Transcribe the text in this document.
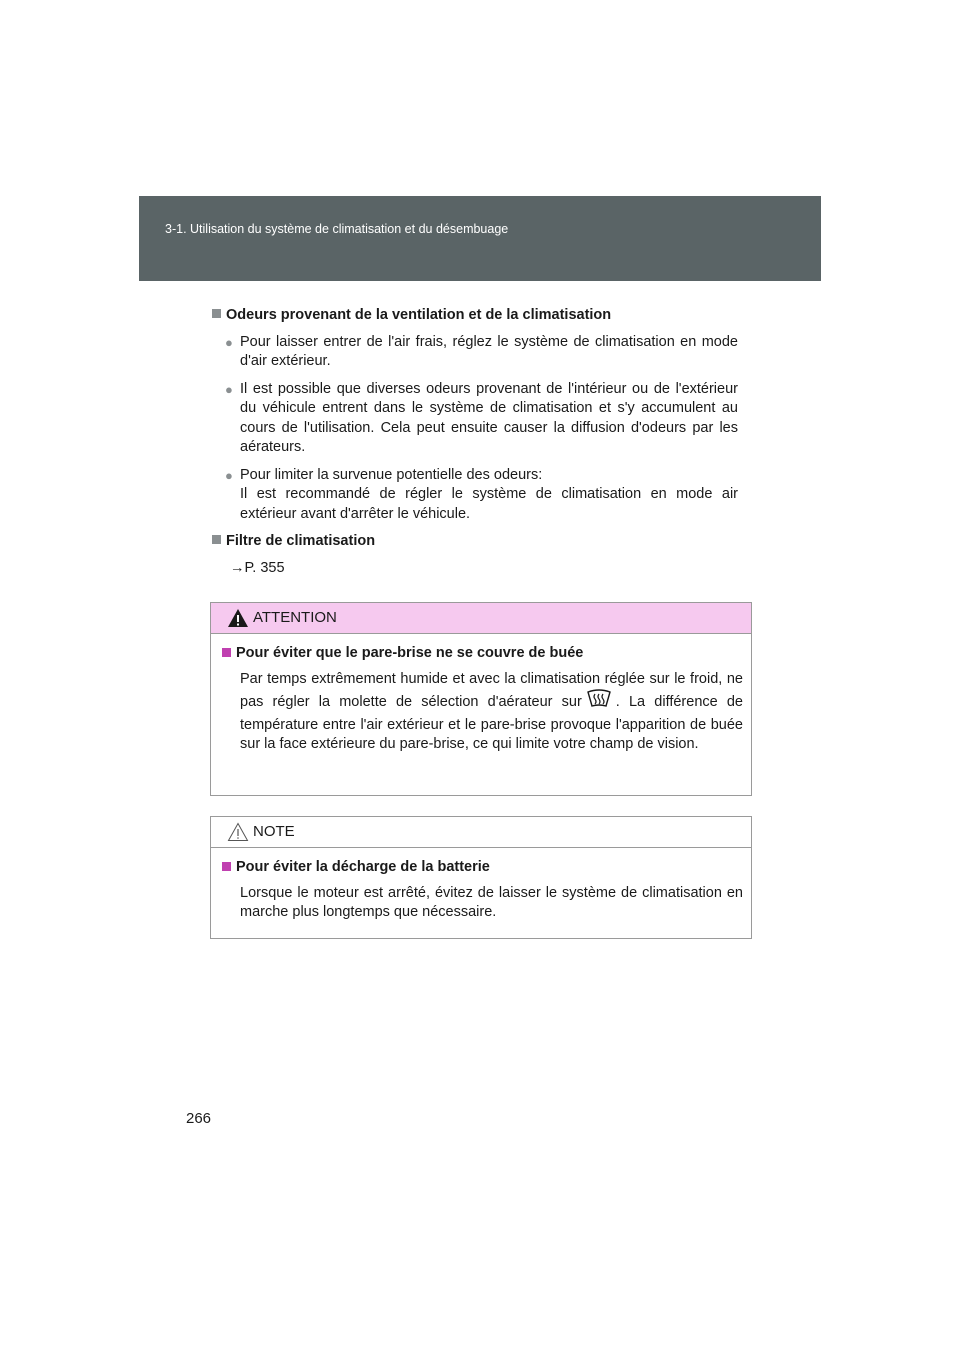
3-1. Utilisation du système de climatisation et du désembuage
Odeurs provenant de la ventilation et de la climatisation
● Pour laisser entrer de l'air frais, réglez le système de climatisation en mode d'air extérieur.

● Il est possible que diverses odeurs provenant de l'intérieur ou de l'extérieur du véhicule entrent dans le système de climatisation et s'y accumulent au cours de l'utilisation. Cela peut ensuite causer la diffusion d'odeurs par les aérateurs.

● Pour limiter la survenue potentielle des odeurs:

Il est recommandé de régler le système de climatisation en mode air extérieur avant d'arrêter le véhicule.

Filtre de climatisation
→P. 355
ATTENTION
Pour éviter que le pare-brise ne se couvre de buée
Par temps extrêmement humide et avec la climatisation réglée sur le froid, ne pas régler la molette de sélection d'aérateur sur . La différence de température entre l'air extérieur et le pare-brise provoque l'apparition de buée sur la face extérieure du pare-brise, ce qui limite votre champ de vision.
NOTE
Pour éviter la décharge de la batterie
Lorsque le moteur est arrêté, évitez de laisser le système de climatisation en marche plus longtemps que nécessaire.
266
